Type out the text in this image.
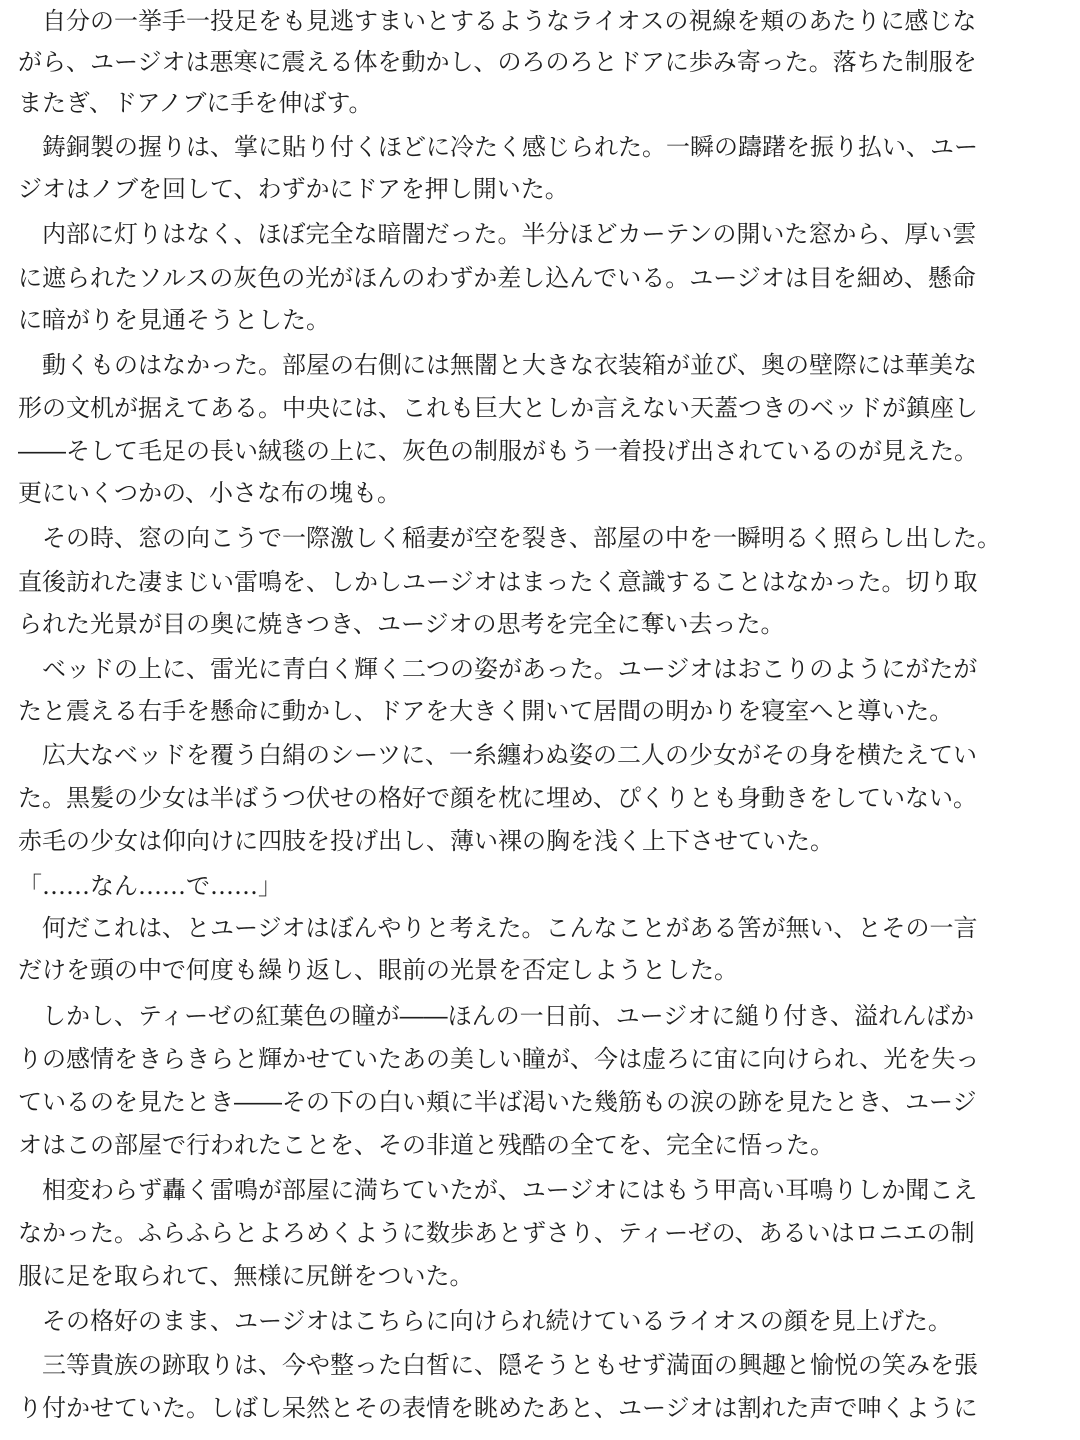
　自分の一挙手一投足をも見逃すまいとするようなライオスの視線を頬のあたりに感じな
がら、ユージオは悪寒に震える体を動かし、のろのろとドアに歩み寄った。落ちた制服を
またぎ、ドアノブに手を伸ばす。
　鋳銅製の握りは、掌に貼り付くほどに冷たく感じられた。一瞬の躊躇を振り払い、ユー
ジオはノブを回して、わずかにドアを押し開いた。
　内部に灯りはなく、ほぼ完全な暗闇だった。半分ほどカーテンの開いた窓から、厚い雲
に遮られたソルスの灰色の光がほんのわずか差し込んでいる。ユージオは目を細め、懸命
に暗がりを見通そうとした。
　動くものはなかった。部屋の右側には無闇と大きな衣装箱が並び、奥の壁際には華美な
形の文机が据えてある。中央には、これも巨大としか言えない天蓋つきのベッドが鎮座し
――そして毛足の長い絨毯の上に、灰色の制服がもう一着投げ出されているのが見えた。
更にいくつかの、小さな布の塊も。
　その時、窓の向こうで一際激しく稲妻が空を裂き、部屋の中を一瞬明るく照らし出した。
直後訪れた凄まじい雷鳴を、しかしユージオはまったく意識することはなかった。切り取
られた光景が目の奥に焼きつき、ユージオの思考を完全に奪い去った。
　ベッドの上に、雷光に青白く輝く二つの姿があった。ユージオはおこりのようにがたが
たと震える右手を懸命に動かし、ドアを大きく開いて居間の明かりを寝室へと導いた。
　広大なベッドを覆う白絹のシーツに、一糸纏わぬ姿の二人の少女がその身を横たえてい
た。黒髪の少女は半ばうつ伏せの格好で顔を枕に埋め、ぴくりとも身動きをしていない。
赤毛の少女は仰向けに四肢を投げ出し、薄い裸の胸を浅く上下させていた。
「……なん……で……」
　何だこれは、とユージオはぼんやりと考えた。こんなことがある筈が無い、とその一言
だけを頭の中で何度も繰り返し、眼前の光景を否定しようとした。
　しかし、ティーゼの紅葉色の瞳が――ほんの一日前、ユージオに縋り付き、溢れんばか
りの感情をきらきらと輝かせていたあの美しい瞳が、今は虚ろに宙に向けられ、光を失っ
ているのを見たとき――その下の白い頬に半ば渇いた幾筋もの涙の跡を見たとき、ユージ
オはこの部屋で行われたことを、その非道と残酷の全てを、完全に悟った。
　相変わらず轟く雷鳴が部屋に満ちていたが、ユージオにはもう甲高い耳鳴りしか聞こえ
なかった。ふらふらとよろめくように数歩あとずさり、ティーゼの、あるいはロニエの制
服に足を取られて、無様に尻餅をついた。
　その格好のまま、ユージオはこちらに向けられ続けているライオスの顔を見上げた。
　三等貴族の跡取りは、今や整った白皙に、隠そうともせず満面の興趣と愉悦の笑みを張
り付かせていた。しばし呆然とその表情を眺めたあと、ユージオは割れた声で呻くように
